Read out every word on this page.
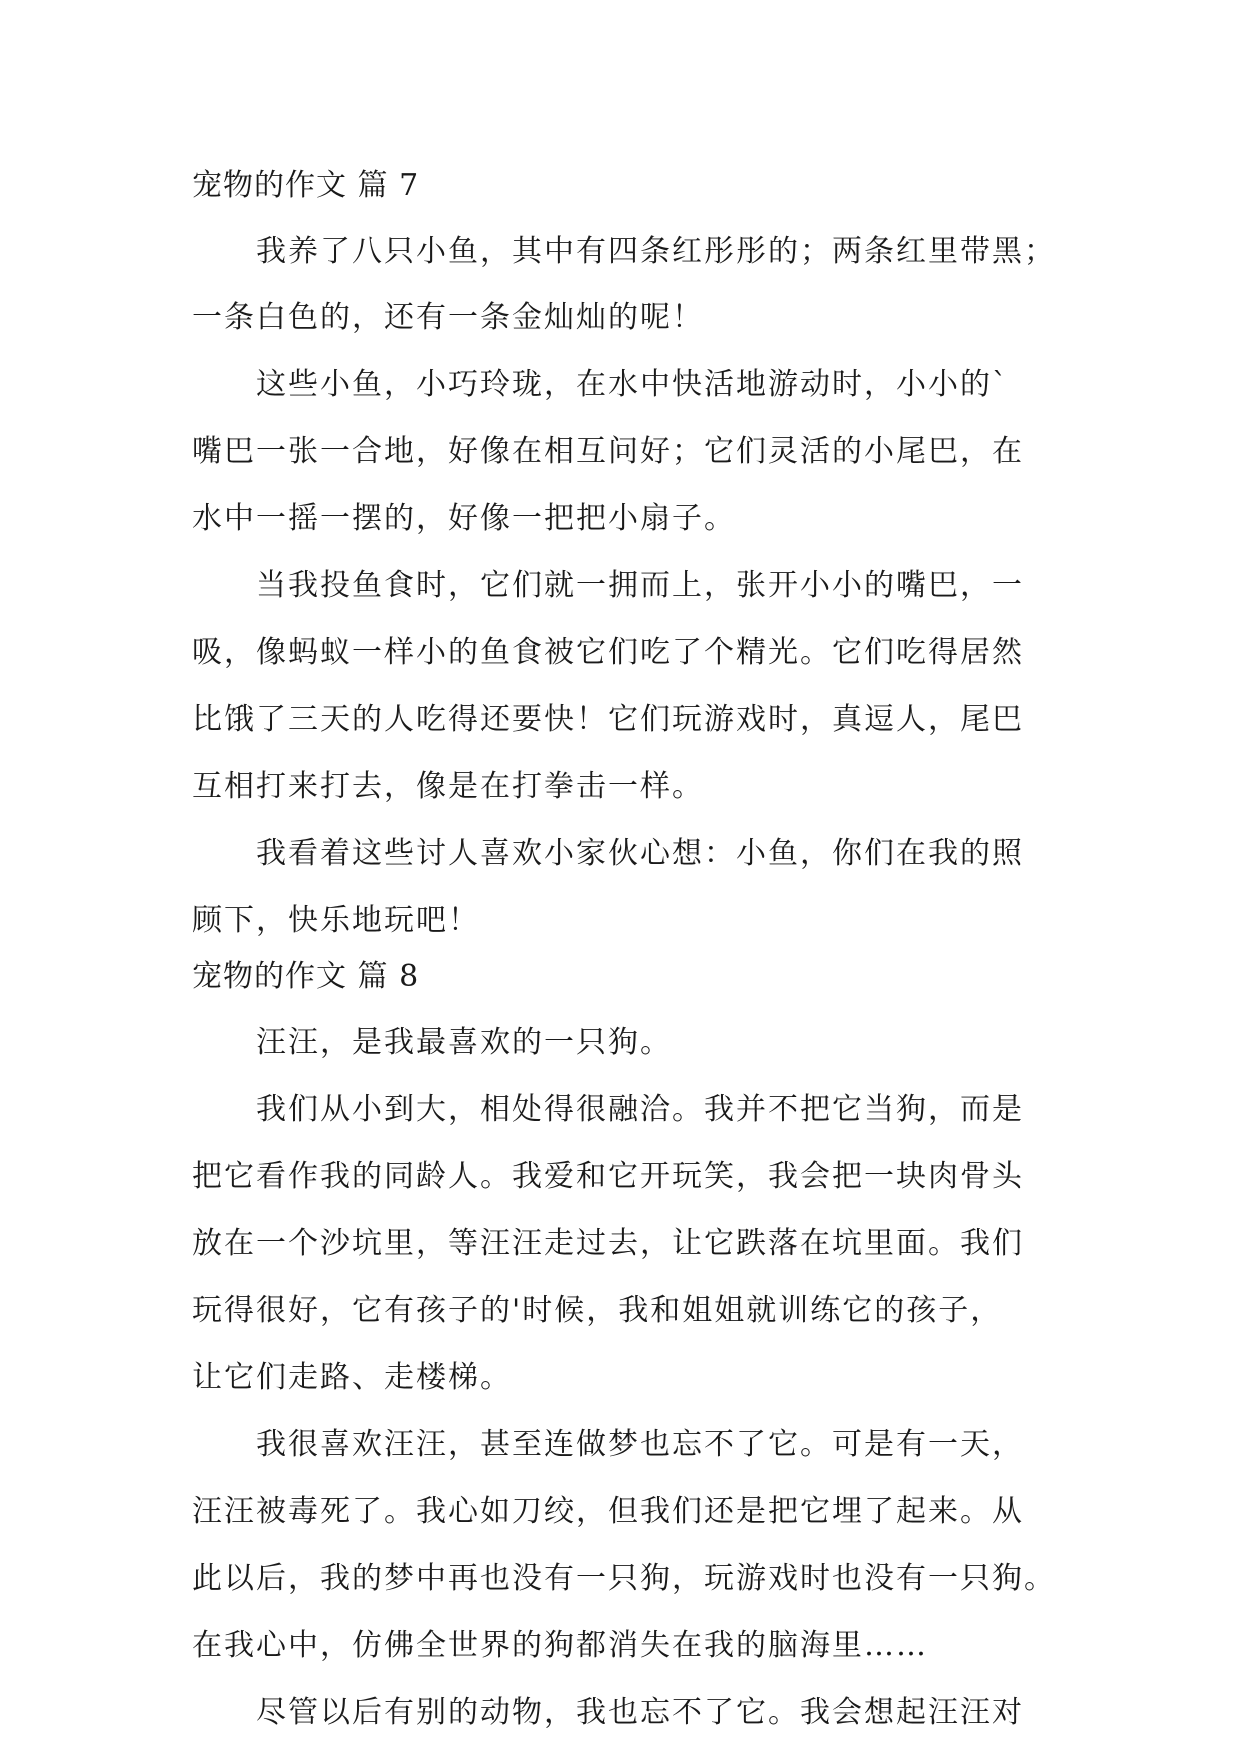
宠物的作文 篇 7
我养了八只小鱼，其中有四条红彤彤的；两条红里带黑；
一条白色的，还有一条金灿灿的呢！
这些小鱼，小巧玲珑，在水中快活地游动时，小小的`
嘴巴一张一合地，好像在相互问好；它们灵活的小尾巴，在
水中一摇一摆的，好像一把把小扇子。
当我投鱼食时，它们就一拥而上，张开小小的嘴巴，一
吸，像蚂蚁一样小的鱼食被它们吃了个精光。它们吃得居然
比饿了三天的人吃得还要快！它们玩游戏时，真逗人，尾巴
互相打来打去，像是在打拳击一样。
我看着这些讨人喜欢小家伙心想：小鱼，你们在我的照
顾下，快乐地玩吧！
宠物的作文 篇 8
汪汪，是我最喜欢的一只狗。
我们从小到大，相处得很融洽。我并不把它当狗，而是
把它看作我的同龄人。我爱和它开玩笑，我会把一块肉骨头
放在一个沙坑里，等汪汪走过去，让它跌落在坑里面。我们
玩得很好，它有孩子的'时候，我和姐姐就训练它的孩子，
让它们走路、走楼梯。
我很喜欢汪汪，甚至连做梦也忘不了它。可是有一天，
汪汪被毒死了。我心如刀绞，但我们还是把它埋了起来。从
此以后，我的梦中再也没有一只狗，玩游戏时也没有一只狗。
在我心中，仿佛全世界的狗都消失在我的脑海里……
尽管以后有别的动物，我也忘不了它。我会想起汪汪对
